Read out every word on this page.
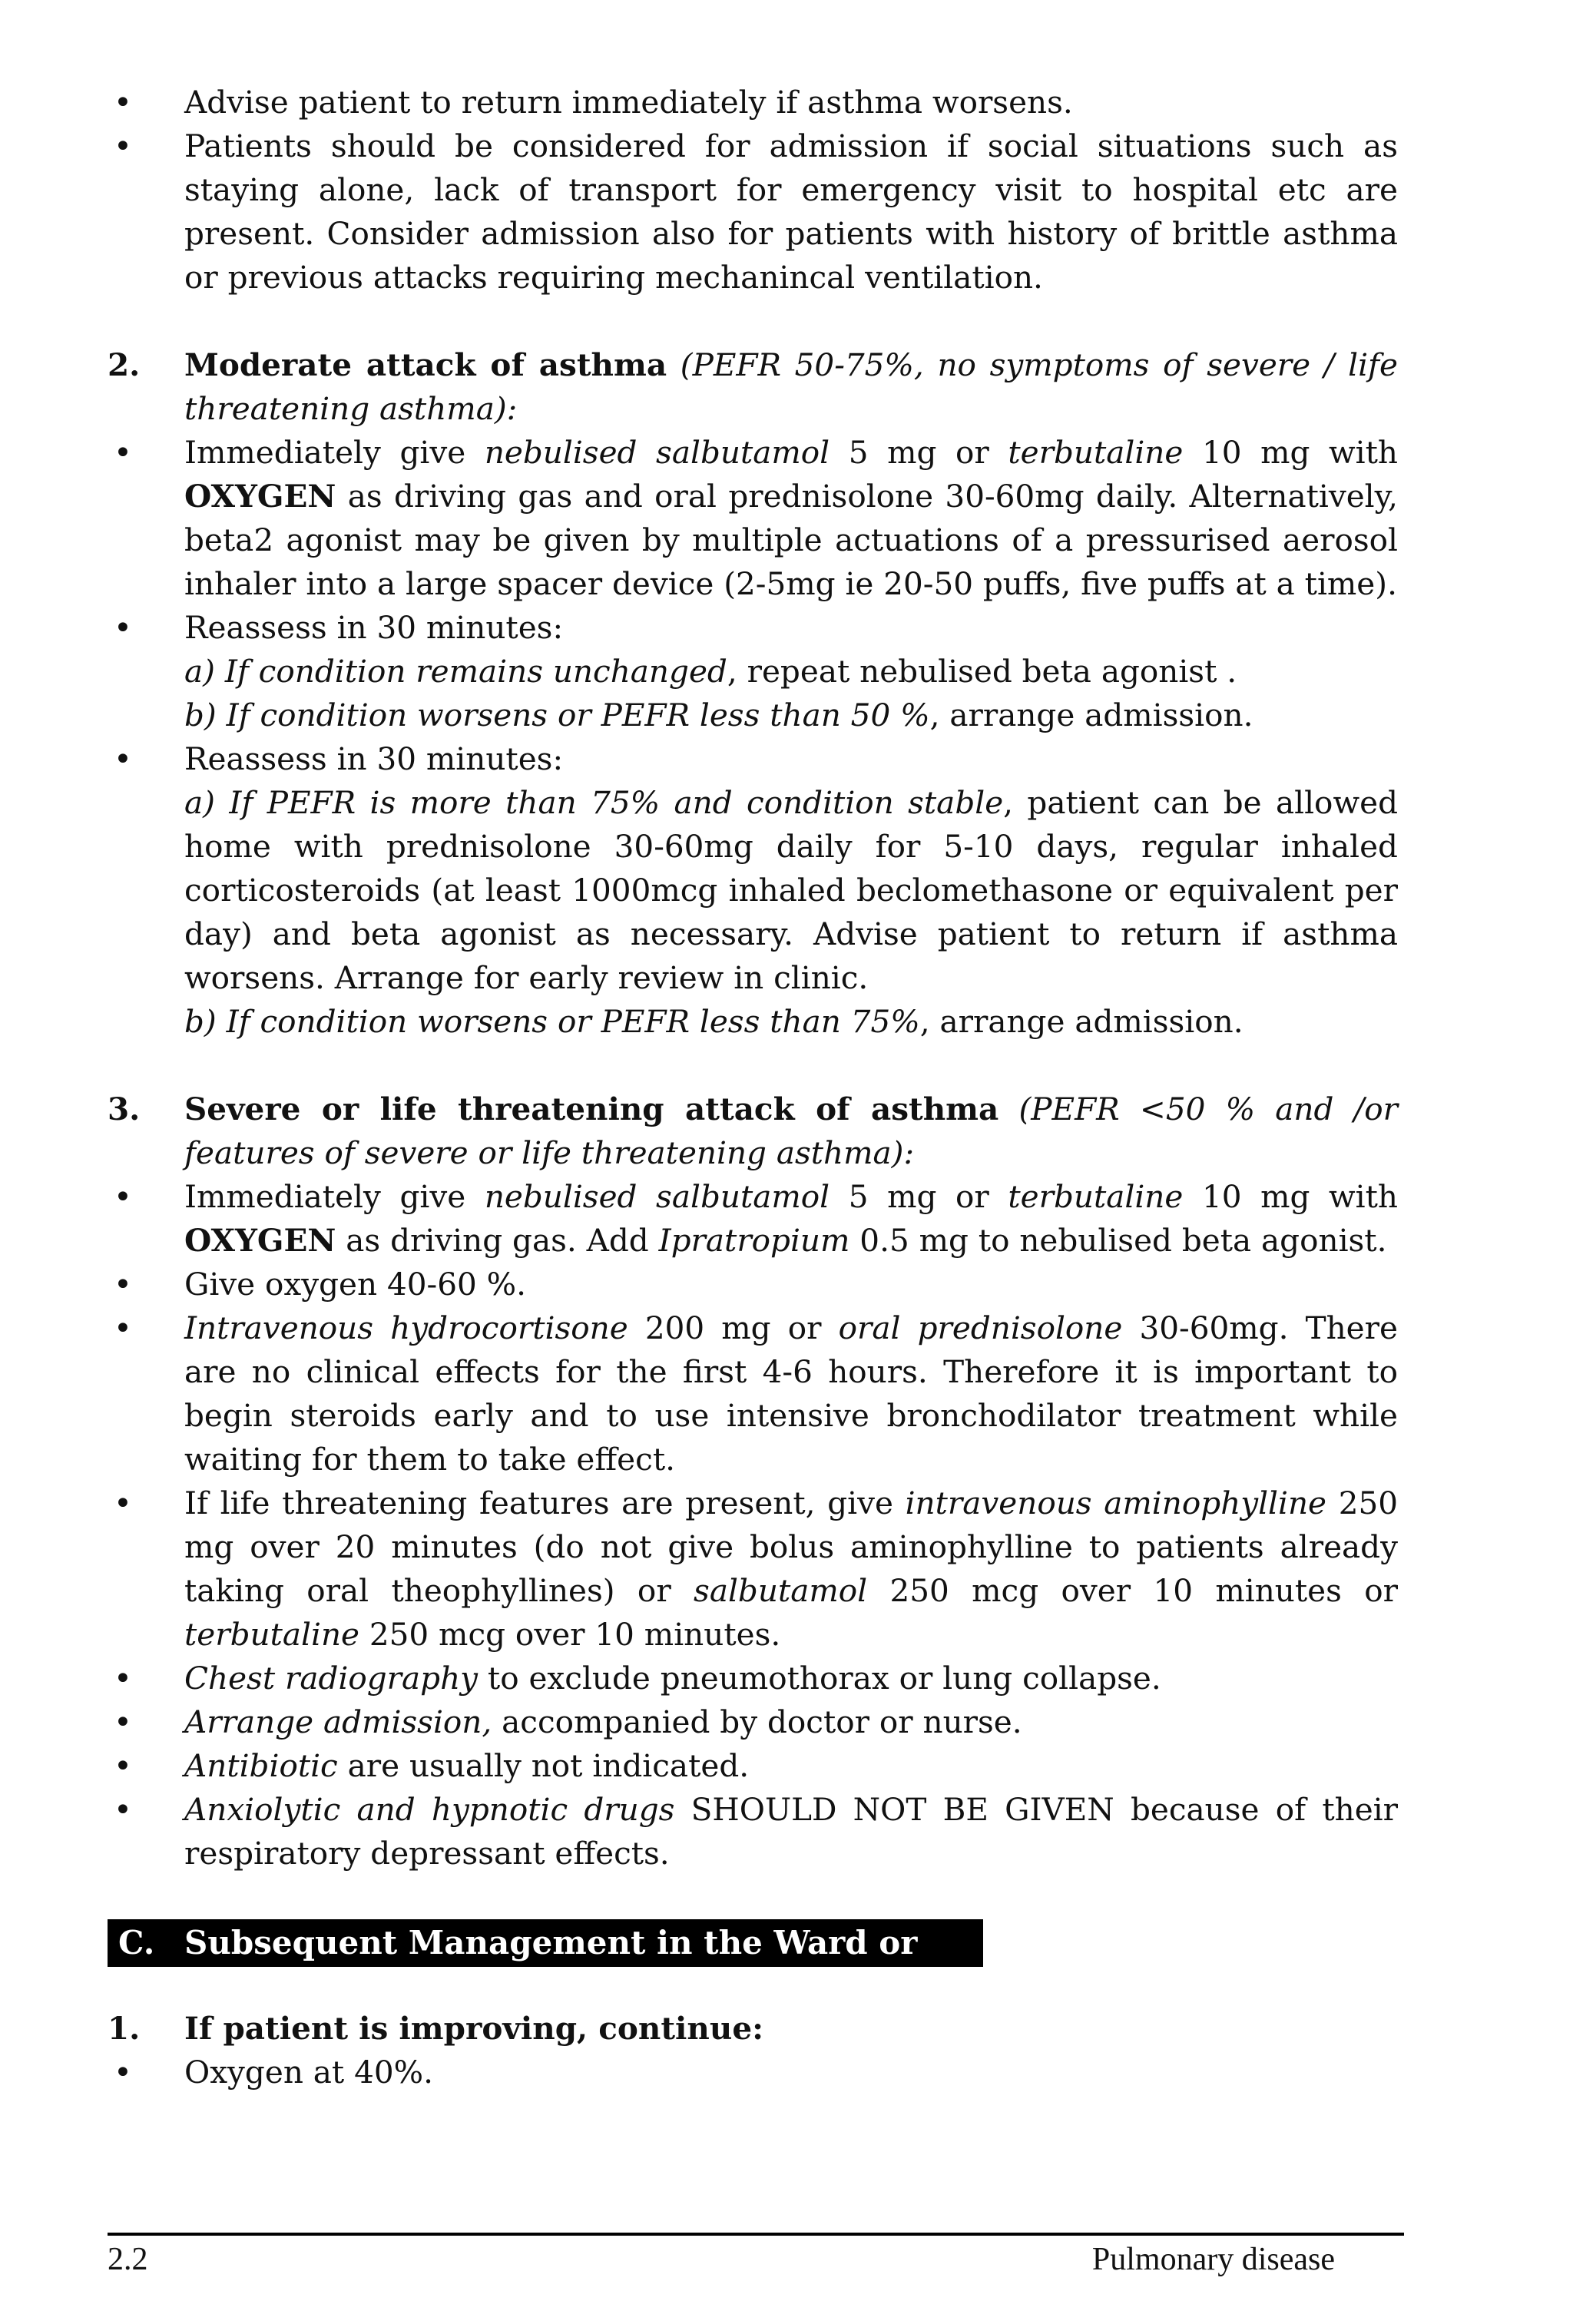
• Advise patient to return immediately if asthma worsens.
• Patients should be considered for admission if social situations such as staying alone, lack of transport for emergency visit to hospital etc are present. Consider admission also for patients with history of brittle asthma or previous attacks requiring mechanincal ventilation.
2. Moderate attack of asthma (PEFR 50-75%, no symptoms of severe / life threatening asthma):
• Immediately give nebulised salbutamol 5 mg or terbutaline 10 mg with OXYGEN as driving gas and oral prednisolone 30-60mg daily. Alternatively, beta2 agonist may be given by multiple actuations of a pressurised aerosol inhaler into a large spacer device (2-5mg ie 20-50 puffs, five puffs at a time).
• Reassess in 30 minutes:
a) If condition remains unchanged, repeat nebulised beta agonist .
b) If condition worsens or PEFR less than 50 %, arrange admission.
• Reassess in 30 minutes:
a) If PEFR is more than 75% and condition stable, patient can be allowed home with prednisolone 30-60mg daily for 5-10 days, regular inhaled corticosteroids (at least 1000mcg inhaled beclomethasone or equivalent per day) and beta agonist as necessary. Advise patient to return if asthma worsens. Arrange for early review in clinic.
b) If condition worsens or PEFR less than 75%, arrange admission.
3. Severe or life threatening attack of asthma (PEFR <50 % and /or features of severe or life threatening asthma):
• Immediately give nebulised salbutamol 5 mg or terbutaline 10 mg with OXYGEN as driving gas. Add Ipratropium 0.5 mg to nebulised beta agonist.
• Give oxygen 40-60 %.
• Intravenous hydrocortisone 200 mg or oral prednisolone 30-60mg. There are no clinical effects for the first 4-6 hours. Therefore it is important to begin steroids early and to use intensive bronchodilator treatment while waiting for them to take effect.
• If life threatening features are present, give intravenous aminophylline 250 mg over 20 minutes (do not give bolus aminophylline to patients already taking oral theophyllines) or salbutamol 250 mcg over 10 minutes or terbutaline 250 mcg over 10 minutes.
• Chest radiography to exclude pneumothorax or lung collapse.
• Arrange admission, accompanied by doctor or nurse.
• Antibiotic are usually not indicated.
• Anxiolytic and hypnotic drugs SHOULD NOT BE GIVEN because of their respiratory depressant effects.
C. Subsequent Management in the Ward or ICU
1. If patient is improving, continue:
• Oxygen at 40%.
2.2	Pulmonary disease
